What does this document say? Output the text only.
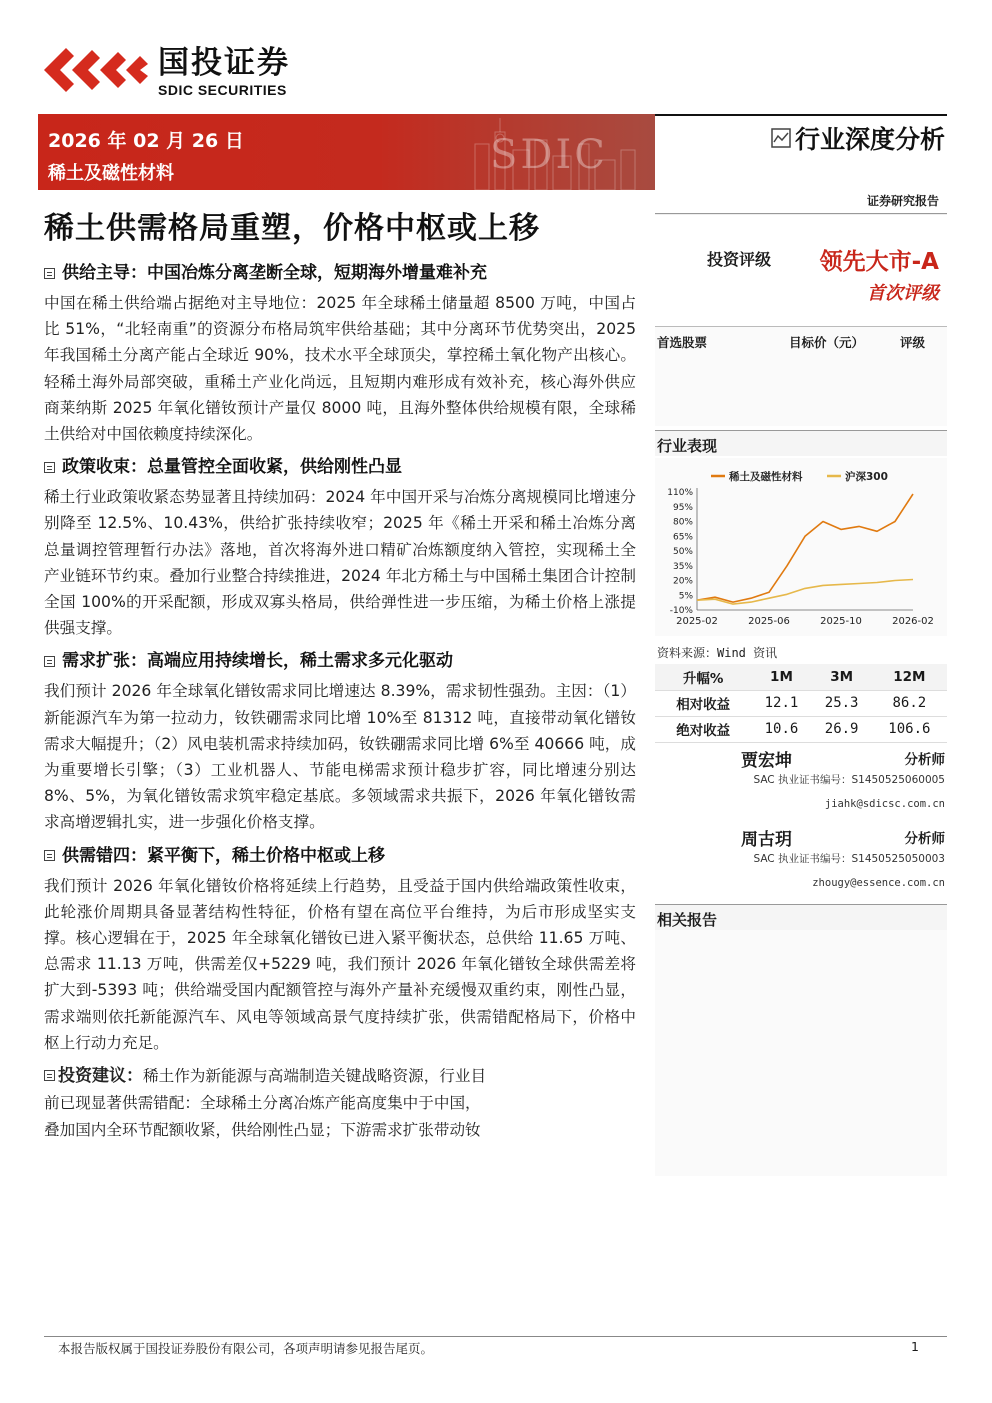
国投证券
SDIC SECURITIES
SDIC
2026 年 02 月 26 日
稀土及磁性材料
行业深度分析
证券研究报告
稀土供需格局重塑，价格中枢或上移
供给主导：中国冶炼分离垄断全球，短期海外增量难补充
中国在稀土供给端占据绝对主导地位：2025 年全球稀土储量超 8500 万吨，中国占比 51%，“北轻南重”的资源分布格局筑牢供给基础；其中分离环节优势突出，2025 年我国稀土分离产能占全球近 90%，技术水平全球顶尖，掌控稀土氧化物产出核心。轻稀土海外局部突破，重稀土产业化尚远，且短期内难形成有效补充，核心海外供应商莱纳斯 2025 年氧化镨钕预计产量仅 8000 吨，且海外整体供给规模有限，全球稀土供给对中国依赖度持续深化。
政策收束：总量管控全面收紧，供给刚性凸显
稀土行业政策收紧态势显著且持续加码：2024 年中国开采与冶炼分离规模同比增速分别降至 12.5%、10.43%，供给扩张持续收窄；2025 年《稀土开采和稀土冶炼分离总量调控管理暂行办法》落地，首次将海外进口精矿冶炼额度纳入管控，实现稀土全产业链环节约束。叠加行业整合持续推进，2024 年北方稀土与中国稀土集团合计控制全国 100%的开采配额，形成双寡头格局，供给弹性进一步压缩，为稀土价格上涨提供强支撑。
需求扩张：高端应用持续增长，稀土需求多元化驱动
我们预计 2026 年全球氧化镨钕需求同比增速达 8.39%，需求韧性强劲。主因：（1）新能源汽车为第一拉动力，钕铁硼需求同比增 10%至 81312 吨，直接带动氧化镨钕需求大幅提升；（2）风电装机需求持续加码，钕铁硼需求同比增 6%至 40666 吨，成为重要增长引擎；（3）工业机器人、节能电梯需求预计稳步扩容，同比增速分别达 8%、5%，为氧化镨钕需求筑牢稳定基底。多领域需求共振下，2026 年氧化镨钕需求高增逻辑扎实，进一步强化价格支撑。
供需错四：紧平衡下，稀土价格中枢或上移
我们预计 2026 年氧化镨钕价格将延续上行趋势，且受益于国内供给端政策性收束，此轮涨价周期具备显著结构性特征，价格有望在高位平台维持，为后市形成坚实支撑。核心逻辑在于，2025 年全球氧化镨钕已进入紧平衡状态，总供给 11.65 万吨、总需求 11.13 万吨，供需差仅+5229 吨，我们预计 2026 年氧化镨钕全球供需差将扩大到-5393 吨；供给端受国内配额管控与海外产量补充缓慢双重约束，刚性凸显，需求端则依托新能源汽车、风电等领域高景气度持续扩张，供需错配格局下，价格中枢上行动力充足。
投资建议：稀土作为新能源与高端制造关键战略资源，行业目
前已现显著供需错配：全球稀土分离冶炼产能高度集中于中国，
叠加国内全环节配额收紧，供给刚性凸显；下游需求扩张带动钕
投资评级 领先大市-A
首次评级
首选股票	目标价（元）	评级
行业表现
稀土及磁性材料	沪深300
110%
95%
80%
65%
50%
35%
20%
5%
-10%
2025-02	2025-06	2025-10	2026-02
资料来源：Wind 资讯
升幅%	1M	3M	12M
相对收益	12.1	25.3	86.2
绝对收益	10.6	26.9	106.6
贾宏坤	分析师
SAC 执业证书编号：S1450525060005
jiahk@sdicsc.com.cn
周古玥	分析师
SAC 执业证书编号：S1450525050003
zhougy@essence.com.cn
相关报告
本报告版权属于国投证券股份有限公司，各项声明请参见报告尾页。	1
